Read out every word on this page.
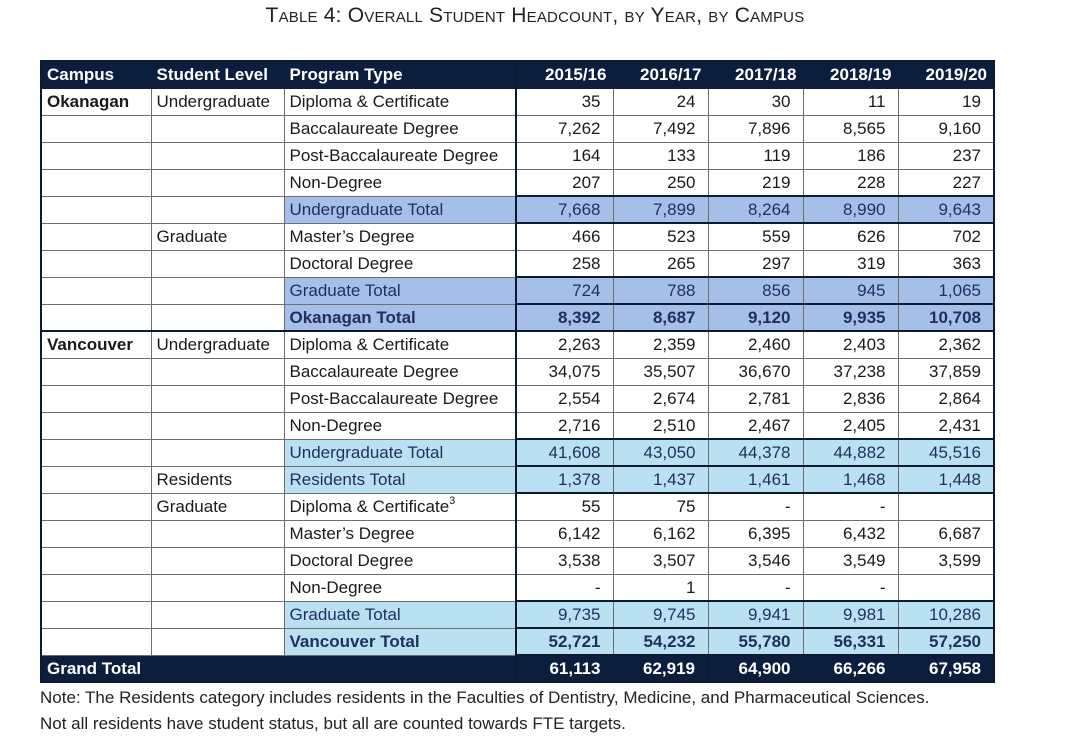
Table 4: Overall Student Headcount, by Year, by Campus
Campus	Student Level	Program Type	2015/16	2016/17	2017/18	2018/19	2019/20
Okanagan	Undergraduate	Diploma & Certificate	35	24	30	11	19
		Baccalaureate Degree	7,262	7,492	7,896	8,565	9,160
		Post-Baccalaureate Degree	164	133	119	186	237
		Non-Degree	207	250	219	228	227
		Undergraduate Total	7,668	7,899	8,264	8,990	9,643
	Graduate	Master’s Degree	466	523	559	626	702
		Doctoral Degree	258	265	297	319	363
		Graduate Total	724	788	856	945	1,065
		Okanagan Total	8,392	8,687	9,120	9,935	10,708
Vancouver	Undergraduate	Diploma & Certificate	2,263	2,359	2,460	2,403	2,362
		Baccalaureate Degree	34,075	35,507	36,670	37,238	37,859
		Post-Baccalaureate Degree	2,554	2,674	2,781	2,836	2,864
		Non-Degree	2,716	2,510	2,467	2,405	2,431
		Undergraduate Total	41,608	43,050	44,378	44,882	45,516
	Residents	Residents Total	1,378	1,437	1,461	1,468	1,448
	Graduate	Diploma & Certificate$^3$	55	75	-	-	
		Master’s Degree	6,142	6,162	6,395	6,432	6,687
		Doctoral Degree	3,538	3,507	3,546	3,549	3,599
		Non-Degree	-	1	-	-	
		Graduate Total	9,735	9,745	9,941	9,981	10,286
		Vancouver Total	52,721	54,232	55,780	56,331	57,250
Grand Total			61,113	62,919	64,900	66,266	67,958
Note: The Residents category includes residents in the Faculties of Dentistry, Medicine, and Pharmaceutical Sciences.
Not all residents have student status, but all are counted towards FTE targets.
